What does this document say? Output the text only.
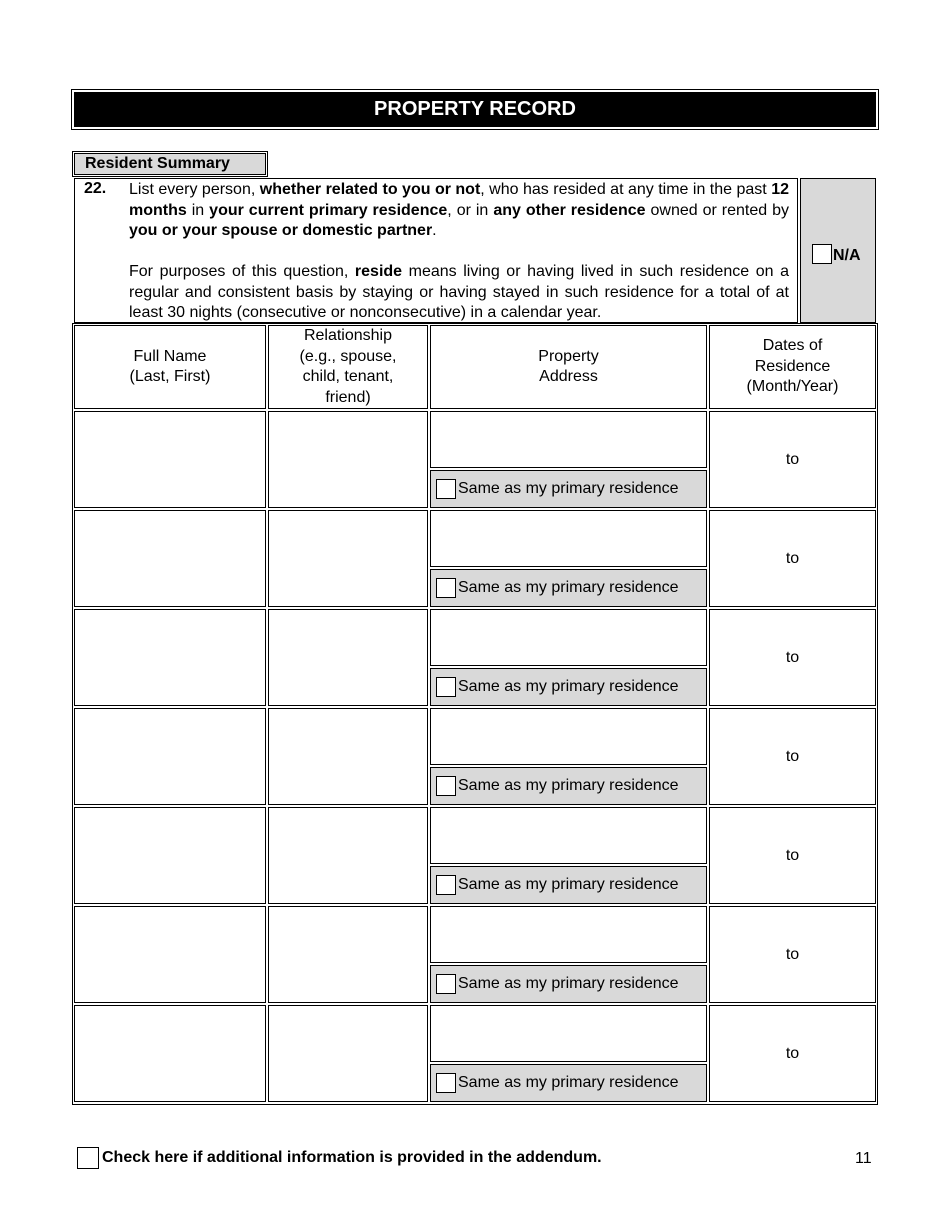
PROPERTY RECORD
Resident Summary
22. List every person, whether related to you or not, who has resided at any time in the past 12 months in your current primary residence, or in any other residence owned or rented by you or your spouse or domestic partner.

For purposes of this question, reside means living or having lived in such residence on a regular and consistent basis by staying or having stayed in such residence for a total of at least 30 nights (consecutive or nonconsecutive) in a calendar year.

N/A
Full Name
(Last, First)
Relationship
(e.g., spouse,
child, tenant,
friend)
Property
Address
Dates of
Residence
(Month/Year)
Same as my primary residence
to
Same as my primary residence
to
Same as my primary residence
to
Same as my primary residence
to
Same as my primary residence
to
Same as my primary residence
to
Same as my primary residence
to
Check here if additional information is provided in the addendum.	11
